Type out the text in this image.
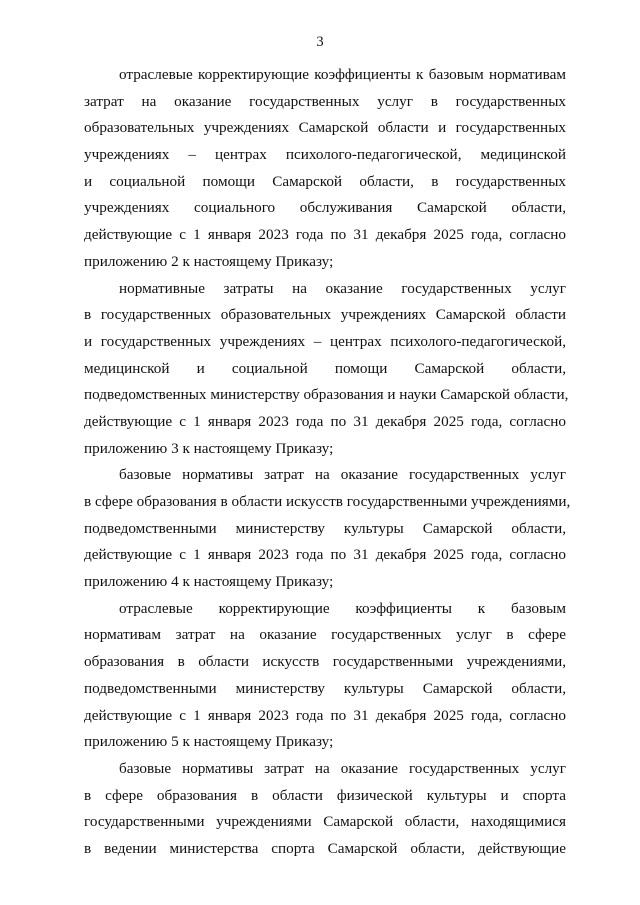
3
отраслевые корректирующие коэффициенты к базовым нормативам
затрат на оказание государственных услуг в государственных
образовательных учреждениях Самарской области и государственных
учреждениях – центрах психолого-педагогической, медицинской
и социальной помощи Самарской области, в государственных
учреждениях социального обслуживания Самарской области,
действующие с 1 января 2023 года по 31 декабря 2025 года, согласно
приложению 2 к настоящему Приказу;
нормативные затраты на оказание государственных услуг
в государственных образовательных учреждениях Самарской области
и государственных учреждениях – центрах психолого-педагогической,
медицинской и социальной помощи Самарской области,
подведомственных министерству образования и науки Самарской области,
действующие с 1 января 2023 года по 31 декабря 2025 года, согласно
приложению 3 к настоящему Приказу;
базовые нормативы затрат на оказание государственных услуг
в сфере образования в области искусств государственными учреждениями,
подведомственными министерству культуры Самарской области,
действующие с 1 января 2023 года по 31 декабря 2025 года, согласно
приложению 4 к настоящему Приказу;
отраслевые корректирующие коэффициенты к базовым
нормативам затрат на оказание государственных услуг в сфере
образования в области искусств государственными учреждениями,
подведомственными министерству культуры Самарской области,
действующие с 1 января 2023 года по 31 декабря 2025 года, согласно
приложению 5 к настоящему Приказу;
базовые нормативы затрат на оказание государственных услуг
в сфере образования в области физической культуры и спорта
государственными учреждениями Самарской области, находящимися
в ведении министерства спорта Самарской области, действующие
